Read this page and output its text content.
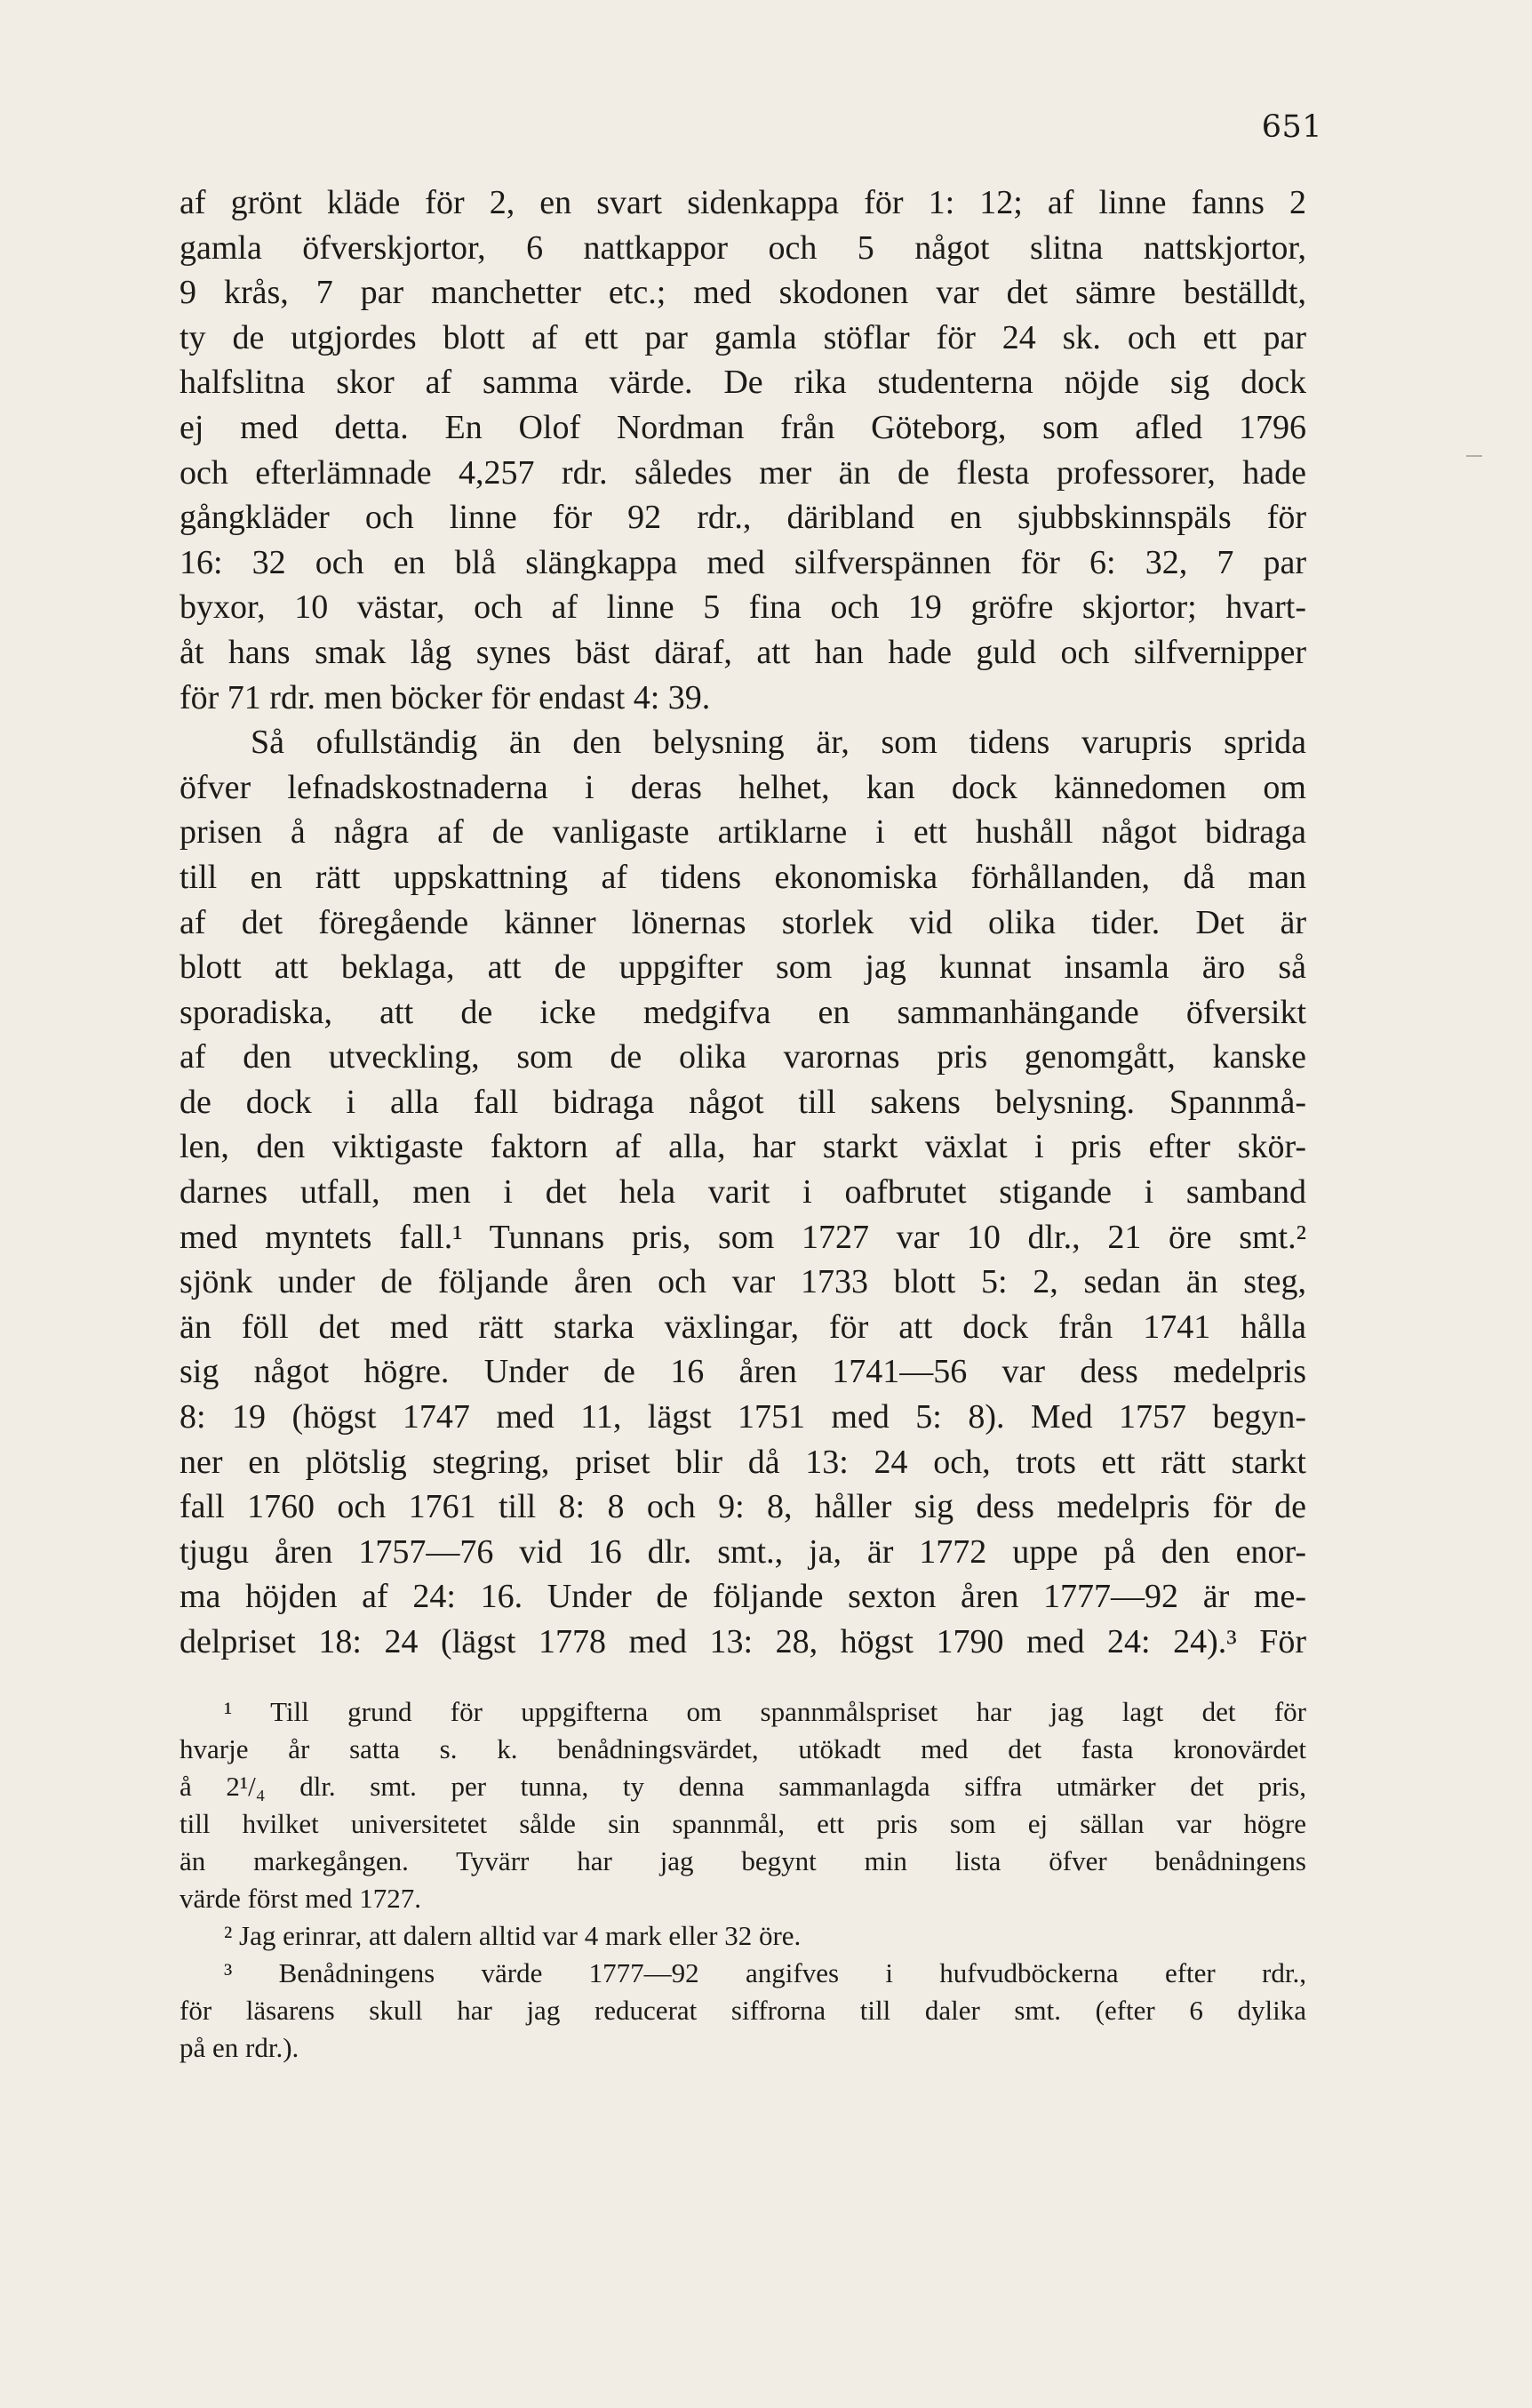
651
af grönt kläde för 2, en svart sidenkappa för 1: 12; af linne fanns 2
gamla öfverskjortor, 6 nattkappor och 5 något slitna nattskjortor,
9 krås, 7 par manchetter etc.; med skodonen var det sämre beställdt,
ty de utgjordes blott af ett par gamla stöflar för 24 sk. och ett par
halfslitna skor af samma värde. De rika studenterna nöjde sig dock
ej med detta. En Olof Nordman från Göteborg, som afled 1796
och efterlämnade 4,257 rdr. således mer än de flesta professorer, hade
gångkläder och linne för 92 rdr., däribland en sjubbskinnspäls för
16: 32 och en blå slängkappa med silfverspännen för 6: 32, 7 par
byxor, 10 västar, och af linne 5 fina och 19 gröfre skjortor; hvart-
åt hans smak låg synes bäst däraf, att han hade guld och silfvernipper
för 71 rdr. men böcker för endast 4: 39.
Så ofullständig än den belysning är, som tidens varupris sprida
öfver lefnadskostnaderna i deras helhet, kan dock kännedomen om
prisen å några af de vanligaste artiklarne i ett hushåll något bidraga
till en rätt uppskattning af tidens ekonomiska förhållanden, då man
af det föregående känner lönernas storlek vid olika tider. Det är
blott att beklaga, att de uppgifter som jag kunnat insamla äro så
sporadiska, att de icke medgifva en sammanhängande öfversikt
af den utveckling, som de olika varornas pris genomgått, kanske
de dock i alla fall bidraga något till sakens belysning. Spannmå-
len, den viktigaste faktorn af alla, har starkt växlat i pris efter skör-
darnes utfall, men i det hela varit i oafbrutet stigande i samband
med myntets fall.¹ Tunnans pris, som 1727 var 10 dlr., 21 öre smt.²
sjönk under de följande åren och var 1733 blott 5: 2, sedan än steg,
än föll det med rätt starka växlingar, för att dock från 1741 hålla
sig något högre. Under de 16 åren 1741—56 var dess medelpris
8: 19 (högst 1747 med 11, lägst 1751 med 5: 8). Med 1757 begyn-
ner en plötslig stegring, priset blir då 13: 24 och, trots ett rätt starkt
fall 1760 och 1761 till 8: 8 och 9: 8, håller sig dess medelpris för de
tjugu åren 1757—76 vid 16 dlr. smt., ja, är 1772 uppe på den enor-
ma höjden af 24: 16. Under de följande sexton åren 1777—92 är me-
delpriset 18: 24 (lägst 1778 med 13: 28, högst 1790 med 24: 24).³ För
¹ Till grund för uppgifterna om spannmålspriset har jag lagt det för
hvarje år satta s. k. benådningsvärdet, utökadt med det fasta kronovärdet
å 2¹/₄ dlr. smt. per tunna, ty denna sammanlagda siffra utmärker det pris,
till hvilket universitetet sålde sin spannmål, ett pris som ej sällan var högre
än markegången. Tyvärr har jag begynt min lista öfver benådningens
värde först med 1727.
² Jag erinrar, att dalern alltid var 4 mark eller 32 öre.
³ Benådningens värde 1777—92 angifves i hufvudböckerna efter rdr.,
för läsarens skull har jag reducerat siffrorna till daler smt. (efter 6 dylika
på en rdr.).
